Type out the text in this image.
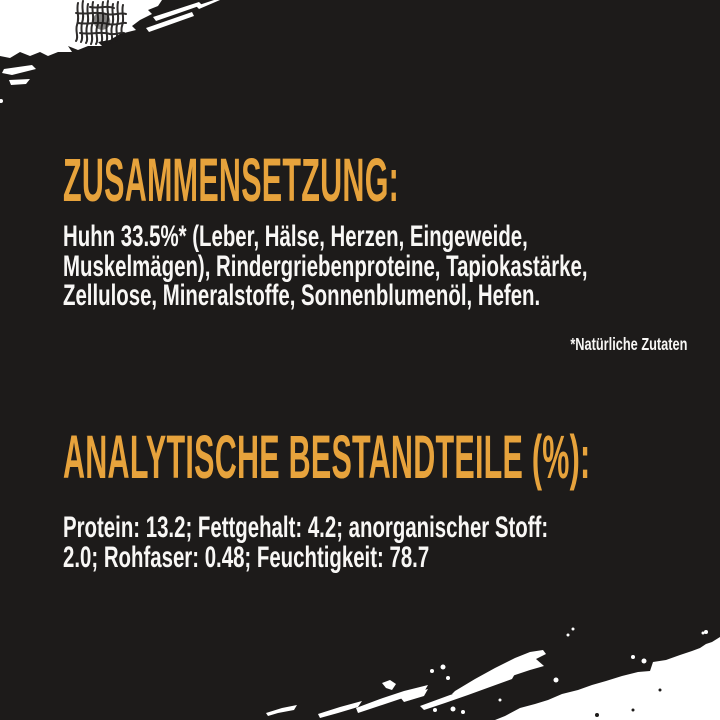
ZUSAMMENSETZUNG:
Huhn 33.5%* (Leber, Hälse, Herzen, Eingeweide,
Muskelmägen), Rindergriebenproteine, Tapiokastärke,
Zellulose, Mineralstoffe, Sonnenblumenöl, Hefen.
*Natürliche Zutaten
ANALYTISCHE BESTANDTEILE (%):
Protein: 13.2; Fettgehalt: 4.2; anorganischer Stoff:
2.0; Rohfaser: 0.48; Feuchtigkeit: 78.7
